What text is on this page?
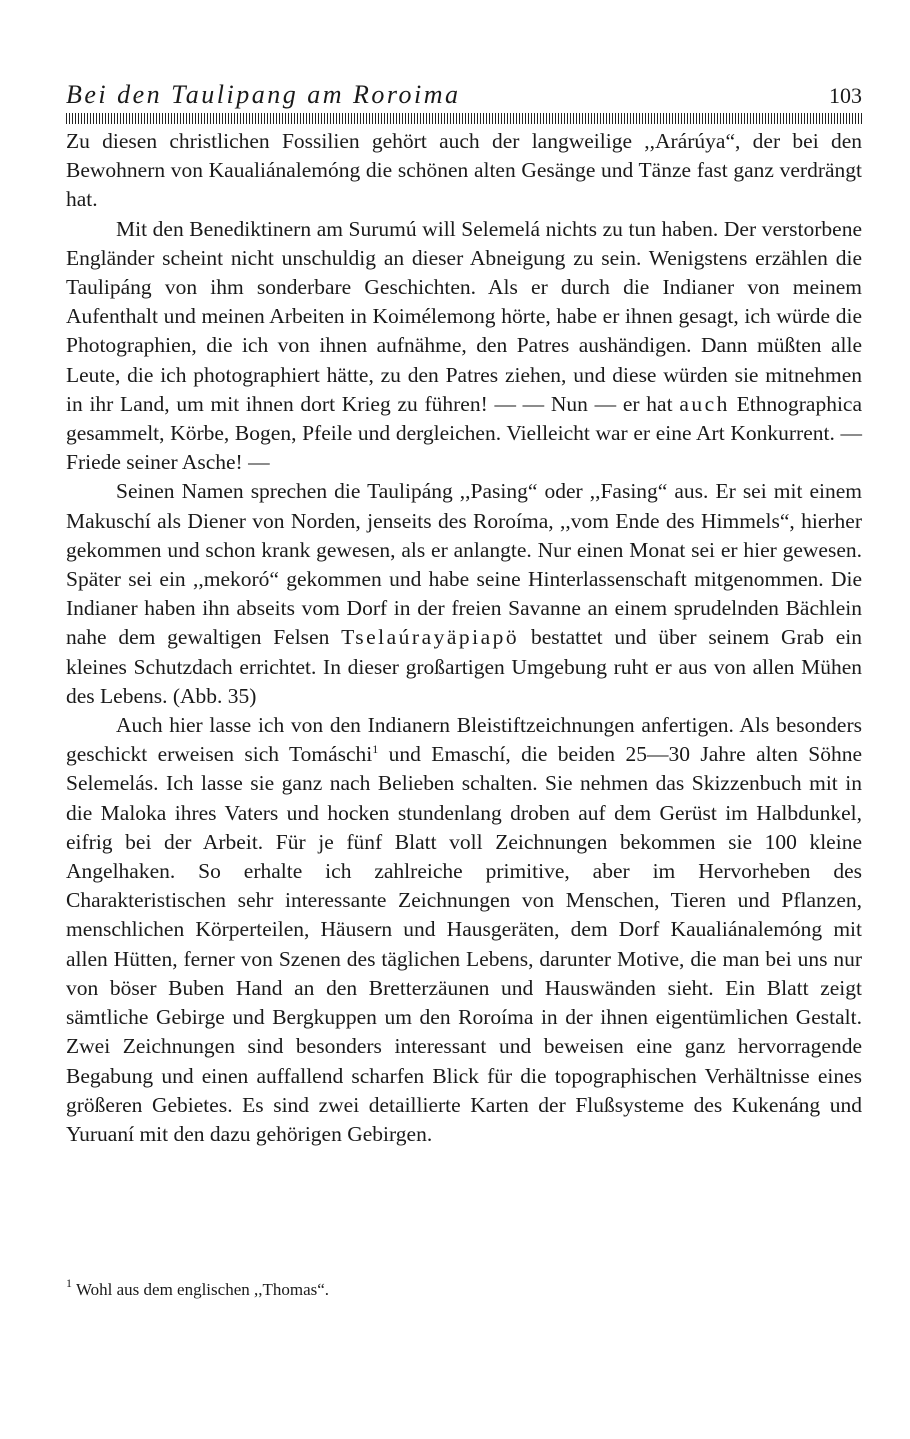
Bei den Taulipang am Roroima	103

Zu diesen christlichen Fossilien gehört auch der langweilige ,,Arárúya“, der bei den Bewohnern von Kaualiánalemóng die schönen alten Gesänge und Tänze fast ganz verdrängt hat.

Mit den Benediktinern am Surumú will Selemelá nichts zu tun haben. Der verstorbene Engländer scheint nicht unschuldig an dieser Abneigung zu sein. Wenigstens erzählen die Taulipáng von ihm sonderbare Geschichten. Als er durch die Indianer von meinem Aufenthalt und meinen Arbeiten in Koimélemong hörte, habe er ihnen gesagt, ich würde die Photographien, die ich von ihnen aufnähme, den Patres aushändigen. Dann müßten alle Leute, die ich photographiert hätte, zu den Patres ziehen, und diese würden sie mitnehmen in ihr Land, um mit ihnen dort Krieg zu führen! — — Nun — er hat auch Ethnographica gesammelt, Körbe, Bogen, Pfeile und dergleichen. Vielleicht war er eine Art Konkurrent. — Friede seiner Asche! —

Seinen Namen sprechen die Taulipáng ,,Pasing“ oder ,,Fasing“ aus. Er sei mit einem Makuschí als Diener von Norden, jenseits des Roroíma, ,,vom Ende des Himmels“, hierher gekommen und schon krank gewesen, als er anlangte. Nur einen Monat sei er hier gewesen. Später sei ein ,,mekoró“ gekommen und habe seine Hinterlassenschaft mitgenommen. Die Indianer haben ihn abseits vom Dorf in der freien Savanne an einem sprudelnden Bächlein nahe dem gewaltigen Felsen Tselaúrayäpiapö bestattet und über seinem Grab ein kleines Schutzdach errichtet. In dieser großartigen Umgebung ruht er aus von allen Mühen des Lebens. (Abb. 35)

Auch hier lasse ich von den Indianern Bleistiftzeichnungen anfertigen. Als besonders geschickt erweisen sich Tomáschi$^1$ und Emaschí, die beiden 25—30 Jahre alten Söhne Selemelás. Ich lasse sie ganz nach Belieben schalten. Sie nehmen das Skizzenbuch mit in die Maloka ihres Vaters und hocken stundenlang droben auf dem Gerüst im Halbdunkel, eifrig bei der Arbeit. Für je fünf Blatt voll Zeichnungen bekommen sie 100 kleine Angelhaken. So erhalte ich zahlreiche primitive, aber im Hervorheben des Charakteristischen sehr interessante Zeichnungen von Menschen, Tieren und Pflanzen, menschlichen Körperteilen, Häusern und Hausgeräten, dem Dorf Kaualiánalemóng mit allen Hütten, ferner von Szenen des täglichen Lebens, darunter Motive, die man bei uns nur von böser Buben Hand an den Bretterzäunen und Hauswänden sieht. Ein Blatt zeigt sämtliche Gebirge und Bergkuppen um den Roroíma in der ihnen eigentümlichen Gestalt. Zwei Zeichnungen sind besonders interessant und beweisen eine ganz hervorragende Begabung und einen auffallend scharfen Blick für die topographischen Verhältnisse eines größeren Gebietes. Es sind zwei detaillierte Karten der Flußsysteme des Kukenáng und Yuruaní mit den dazu gehörigen Gebirgen.

$^1$ Wohl aus dem englischen ,,Thomas“.
